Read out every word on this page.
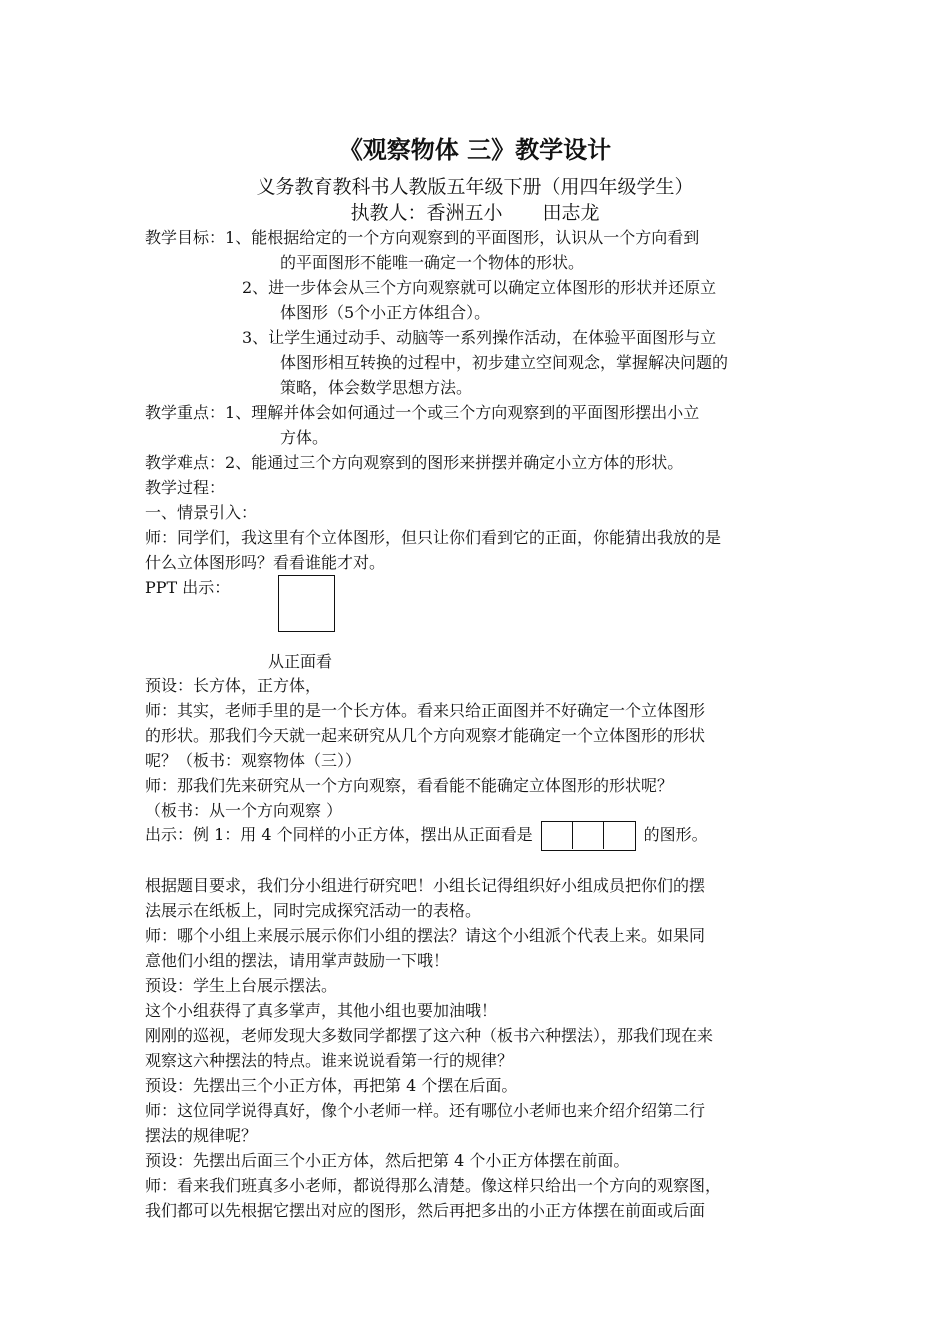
《观察物体 三》教学设计
义务教育教科书人教版五年级下册（用四年级学生）
执教人：香洲五小 田志龙
教学目标：1、能根据给定的一个方向观察到的平面图形，认识从一个方向看到
的平面图形不能唯一确定一个物体的形状。
2、进一步体会从三个方向观察就可以确定立体图形的形状并还原立
体图形（5个小正方体组合）。
3、让学生通过动手、动脑等一系列操作活动，在体验平面图形与立
体图形相互转换的过程中，初步建立空间观念，掌握解决问题的
策略，体会数学思想方法。
教学重点：1、理解并体会如何通过一个或三个方向观察到的平面图形摆出小立
方体。
教学难点：2、能通过三个方向观察到的图形来拼摆并确定小立方体的形状。
教学过程：
一、情景引入：
师：同学们，我这里有个立体图形，但只让你们看到它的正面，你能猜出我放的是
什么立体图形吗？看看谁能才对。
PPT 出示：
从正面看
预设：长方体，正方体，
师：其实，老师手里的是一个长方体。看来只给正面图并不好确定一个立体图形
的形状。那我们今天就一起来研究从几个方向观察才能确定一个立体图形的形状
呢？（板书：观察物体（三））
师：那我们先来研究从一个方向观察，看看能不能确定立体图形的形状呢？
（板书：从一个方向观察 ）
出示：例 1：用 4 个同样的小正方体，摆出从正面看是	的图形。
根据题目要求，我们分小组进行研究吧！小组长记得组织好小组成员把你们的摆
法展示在纸板上，同时完成探究活动一的表格。
师：哪个小组上来展示展示你们小组的摆法？请这个小组派个代表上来。如果同
意他们小组的摆法，请用掌声鼓励一下哦！
预设：学生上台展示摆法。
这个小组获得了真多掌声，其他小组也要加油哦！
刚刚的巡视，老师发现大多数同学都摆了这六种（板书六种摆法），那我们现在来
观察这六种摆法的特点。谁来说说看第一行的规律？
预设：先摆出三个小正方体，再把第 4 个摆在后面。
师：这位同学说得真好，像个小老师一样。还有哪位小老师也来介绍介绍第二行
摆法的规律呢？
预设：先摆出后面三个小正方体，然后把第 4 个小正方体摆在前面。
师：看来我们班真多小老师，都说得那么清楚。像这样只给出一个方向的观察图，
我们都可以先根据它摆出对应的图形，然后再把多出的小正方体摆在前面或后面
